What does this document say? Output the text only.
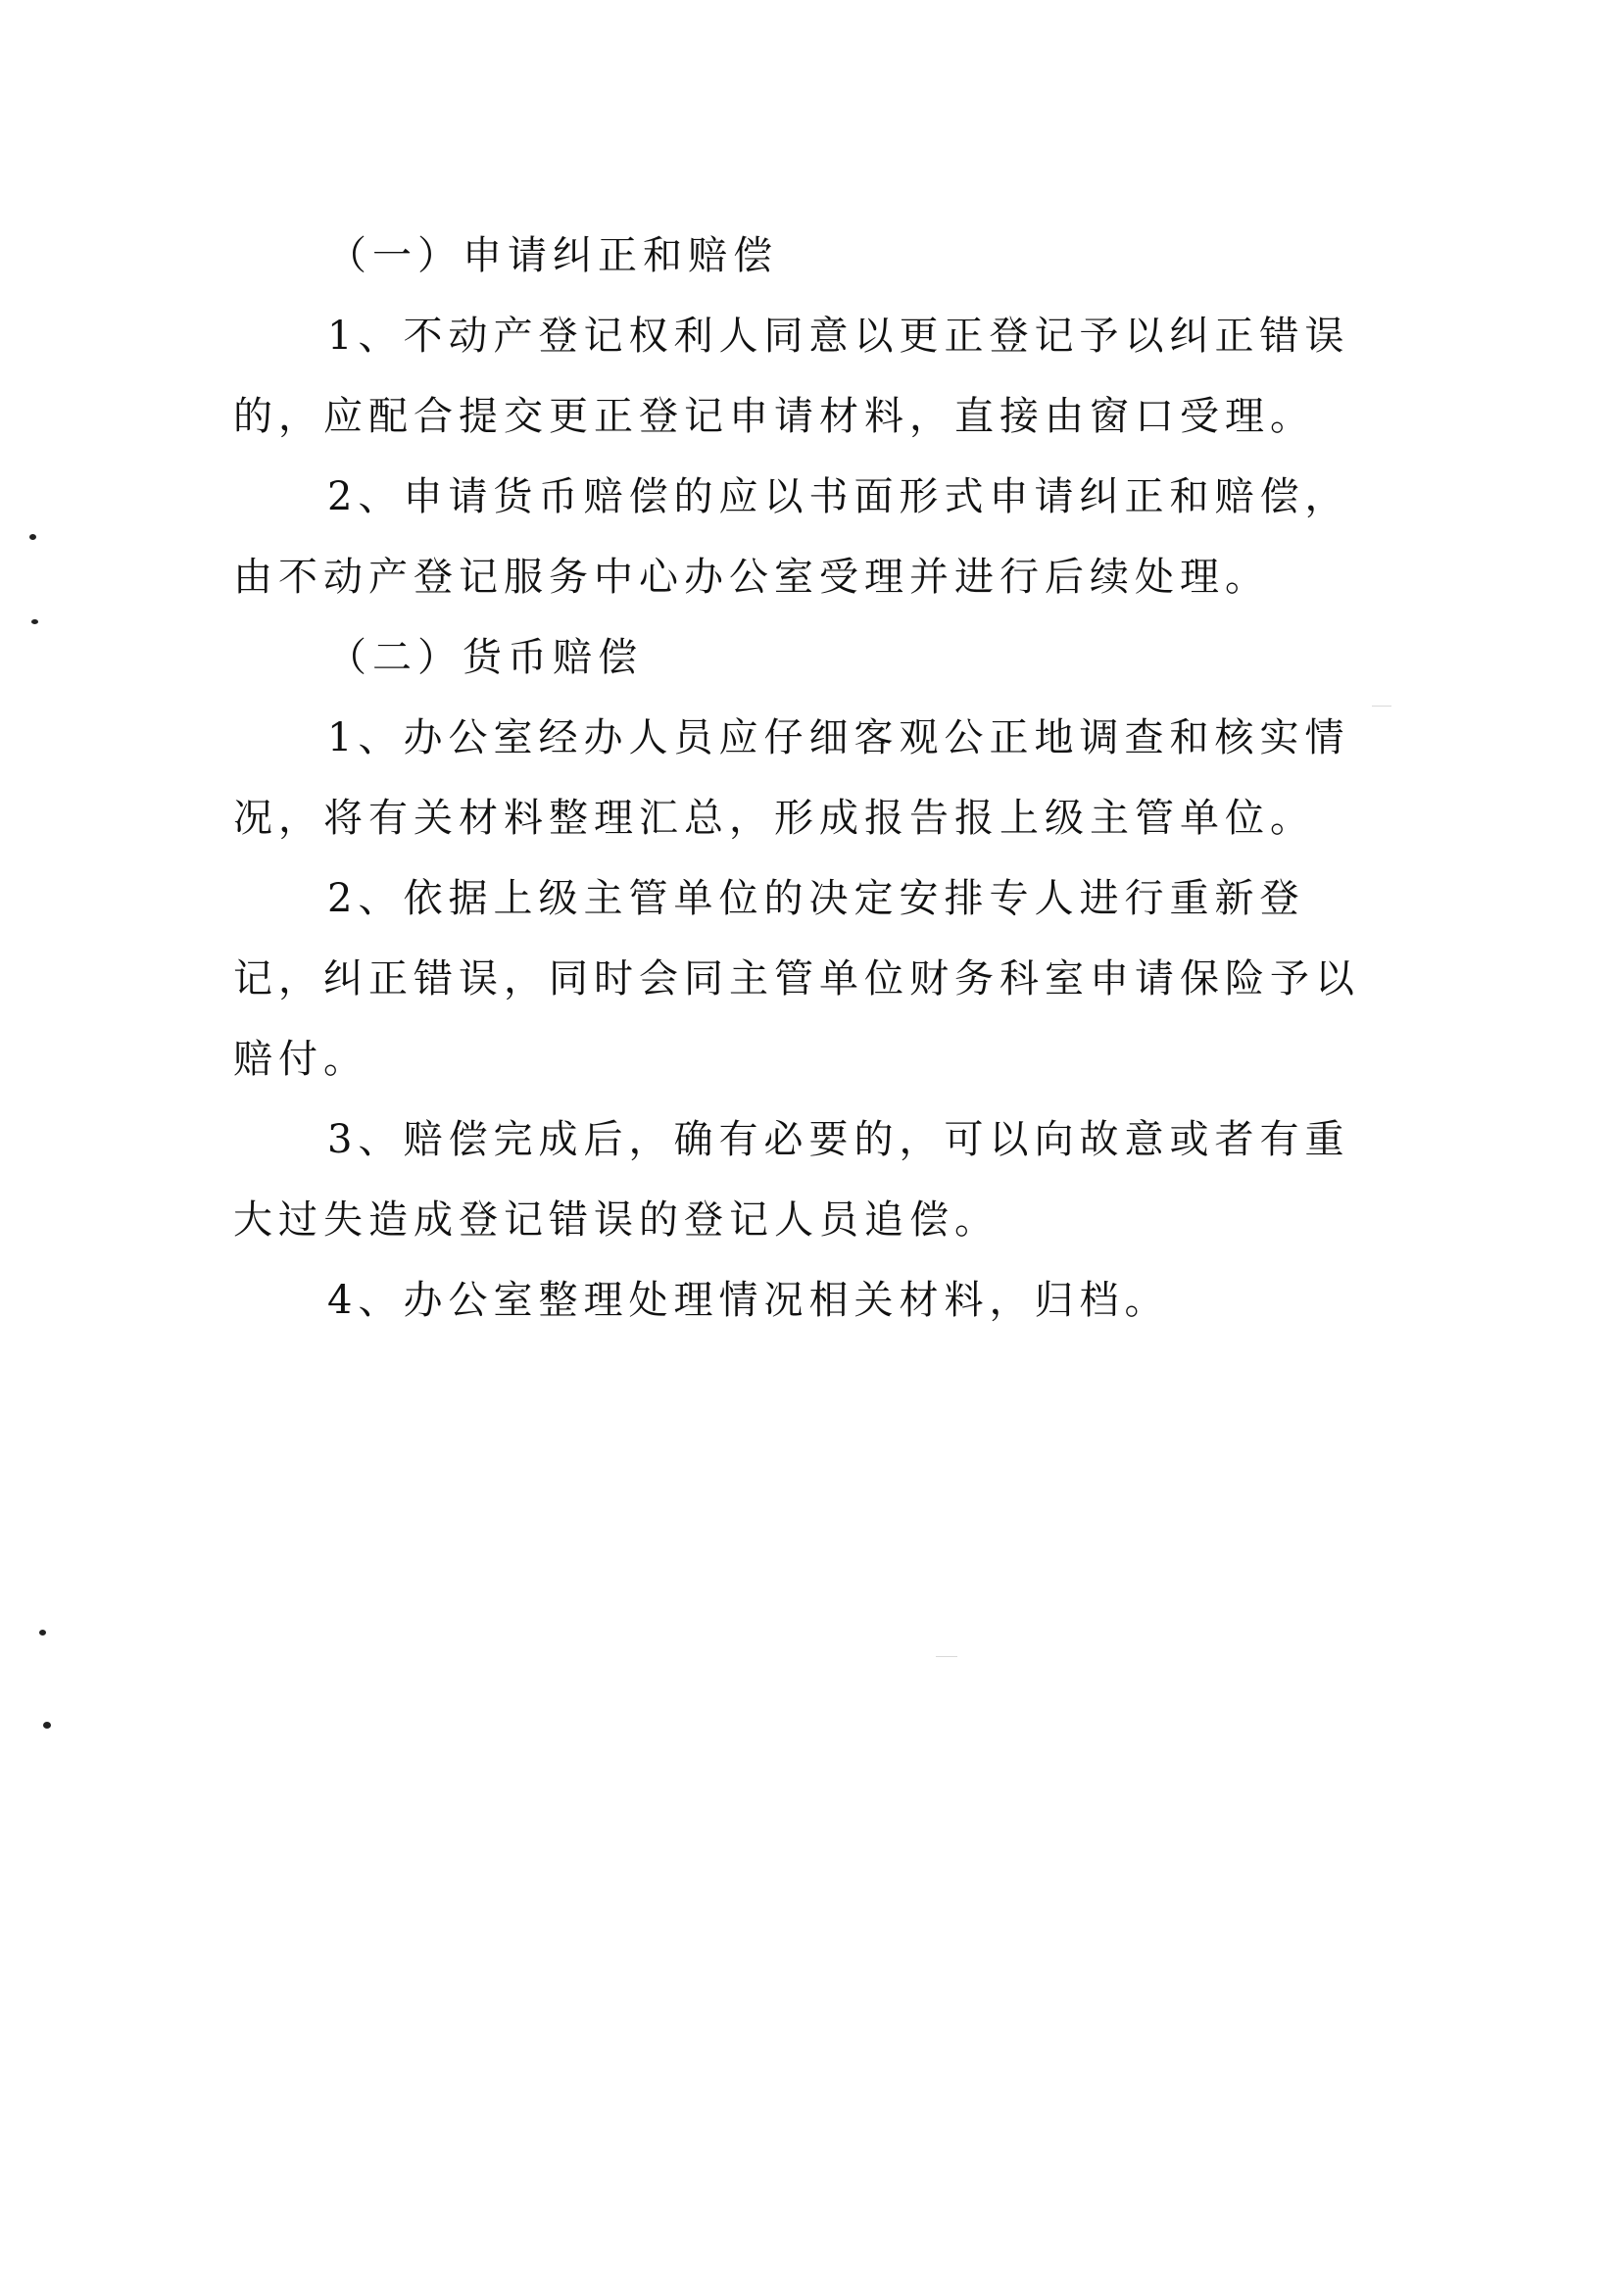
（一）申请纠正和赔偿

1、不动产登记权利人同意以更正登记予以纠正错误的，应配合提交更正登记申请材料，直接由窗口受理。

2、申请货币赔偿的应以书面形式申请纠正和赔偿，由不动产登记服务中心办公室受理并进行后续处理。

（二）货币赔偿

1、办公室经办人员应仔细客观公正地调查和核实情况，将有关材料整理汇总，形成报告报上级主管单位。

2、依据上级主管单位的决定安排专人进行重新登记，纠正错误，同时会同主管单位财务科室申请保险予以赔付。

3、赔偿完成后，确有必要的，可以向故意或者有重大过失造成登记错误的登记人员追偿。

4、办公室整理处理情况相关材料，归档。
